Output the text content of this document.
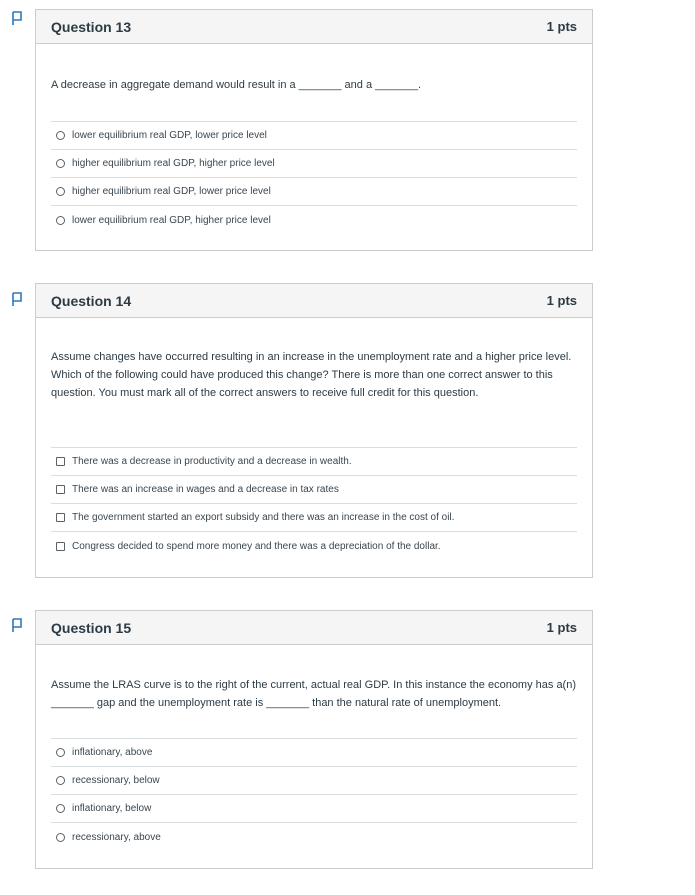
Question 13	1 pts
A decrease in aggregate demand would result in a _______ and a _______.
lower equilibrium real GDP, lower price level
higher equilibrium real GDP, higher price level
higher equilibrium real GDP, lower price level
lower equilibrium real GDP, higher price level
Question 14	1 pts
Assume changes have occurred resulting in an increase in the unemployment rate and a higher price level. Which of the following could have produced this change? There is more than one correct answer to this question. You must mark all of the correct answers to receive full credit for this question.
There was a decrease in productivity and a decrease in wealth.
There was an increase in wages and a decrease in tax rates
The government started an export subsidy and there was an increase in the cost of oil.
Congress decided to spend more money and there was a depreciation of the dollar.
Question 15	1 pts
Assume the LRAS curve is to the right of the current, actual real GDP. In this instance the economy has a(n) _______ gap and the unemployment rate is _______ than the natural rate of unemployment.
inflationary, above
recessionary, below
inflationary, below
recessionary, above
